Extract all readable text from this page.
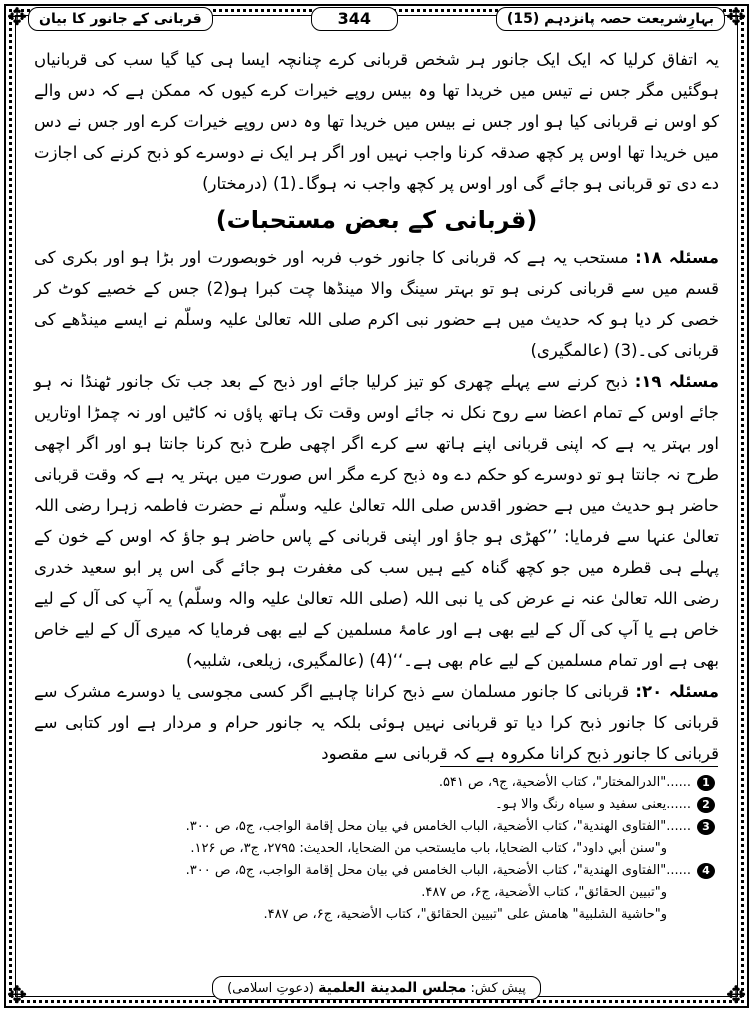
✥	✥
✥	✥
بہارِشریعت حصہ پانزدہم (15)
344
قربانی کے جانور کا بیان

یہ اتفاق کرلیا کہ ایک ایک جانور ہر شخص قربانی کرے چنانچہ ایسا ہی کیا گیا سب کی قربانیاں ہوگئیں مگر جس نے تیس میں خریدا تھا وہ بیس روپے خیرات کرے کیوں کہ ممکن ہے کہ دس والے کو اوس نے قربانی کیا ہو اور جس نے بیس میں خریدا تھا وہ دس روپے خیرات کرے اور جس نے دس میں خریدا تھا اوس پر کچھ صدقہ کرنا واجب نہیں اور اگر ہر ایک نے دوسرے کو ذبح کرنے کی اجازت دے دی تو قربانی ہو جائے گی اور اوس پر کچھ واجب نہ ہوگا۔(1) (درمختار)

(قربانی کے بعض مستحبات)

مسئلہ ۱۸: مستحب یہ ہے کہ قربانی کا جانور خوب فربہ اور خوبصورت اور بڑا ہو اور بکری کی قسم میں سے قربانی کرنی ہو تو بہتر سینگ والا مینڈھا چت کبرا ہو(2) جس کے خصیے کوٹ کر خصی کر دیا ہو کہ حدیث میں ہے حضور نبی اکرم صلی اللہ تعالیٰ علیہ وسلّم نے ایسے مینڈھے کی قربانی کی۔(3) (عالمگیری)

مسئلہ ۱۹: ذبح کرنے سے پہلے چھری کو تیز کرلیا جائے اور ذبح کے بعد جب تک جانور ٹھنڈا نہ ہو جائے اوس کے تمام اعضا سے روح نکل نہ جائے اوس وقت تک ہاتھ پاؤں نہ کاٹیں اور نہ چمڑا اوتاریں اور بہتر یہ ہے کہ اپنی قربانی اپنے ہاتھ سے کرے اگر اچھی طرح ذبح کرنا جانتا ہو اور اگر اچھی طرح نہ جانتا ہو تو دوسرے کو حکم دے وہ ذبح کرے مگر اس صورت میں بہتر یہ ہے کہ وقت قربانی حاضر ہو حدیث میں ہے حضور اقدس صلی اللہ تعالیٰ علیہ وسلّم نے حضرت فاطمہ زہرا رضی اللہ تعالیٰ عنہا سے فرمایا: ’’کھڑی ہو جاؤ اور اپنی قربانی کے پاس حاضر ہو جاؤ کہ اوس کے خون کے پہلے ہی قطرہ میں جو کچھ گناہ کیے ہیں سب کی مغفرت ہو جائے گی اس پر ابو سعید خدری رضی اللہ تعالیٰ عنہ نے عرض کی یا نبی اللہ (صلی اللہ تعالیٰ علیہ والہ وسلّم) یہ آپ کی آل کے لیے خاص ہے یا آپ کی آل کے لیے بھی ہے اور عامۂ مسلمین کے لیے بھی فرمایا کہ میری آل کے لیے خاص بھی ہے اور تمام مسلمین کے لیے عام بھی ہے۔‘‘(4) (عالمگیری، زیلعی، شلبیہ)

مسئلہ ۲۰: قربانی کا جانور مسلمان سے ذبح کرانا چاہیے اگر کسی مجوسی یا دوسرے مشرک سے قربانی کا جانور ذبح کرا دیا تو قربانی نہیں ہوئی بلکہ یہ جانور حرام و مردار ہے اور کتابی سے قربانی کا جانور ذبح کرانا مکروہ ہے کہ قربانی سے مقصود

1
......"الدرالمختار"، کتاب الأضحیة، ج۹، ص ۵۴۱.
2
......یعنی سفید و سیاہ رنگ والا ہو۔
3
......"الفتاوى الهندية"، كتاب الأضحية، الباب الخامس في بيان محل إقامة الواجب، ج۵، ص ۳۰۰.
و"سنن أبي داود"، كتاب الضحايا، باب مايستحب من الضحايا، الحديث: ۲۷۹۵، ج۳، ص ۱۲۶.
4
......"الفتاوى الهندية"، كتاب الأضحية، الباب الخامس في بيان محل إقامة الواجب، ج۵، ص ۳۰۰.
و"تبيين الحقائق"، كتاب الأضحية، ج۶، ص ۴۸۷.
و"حاشية الشلبية" هامش على "تبيين الحقائق"، كتاب الأضحية، ج۶، ص ۴۸۷.
پیش کش: مجلس المدينة العلمية (دعوتِ اسلامی)
